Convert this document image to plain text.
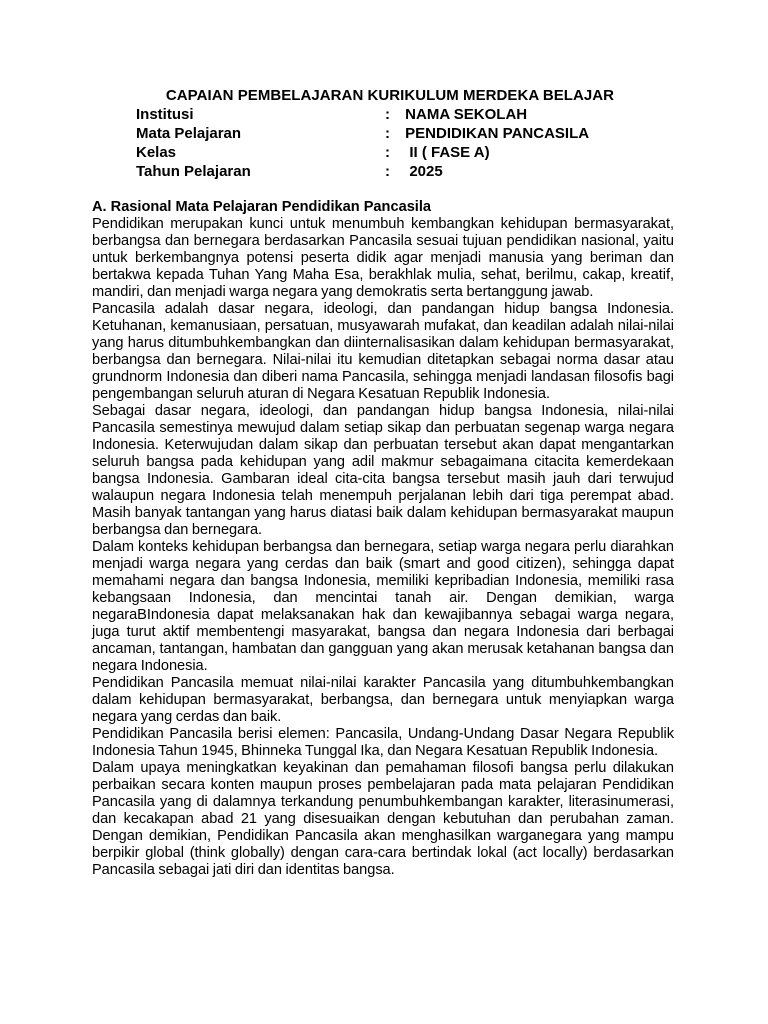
CAPAIAN PEMBELAJARAN KURIKULUM MERDEKA BELAJAR
Institusi	: NAMA SEKOLAH
Mata Pelajaran	: PENDIDIKAN PANCASILA
Kelas	: II ( FASE A)
Tahun Pelajaran	: 2025
A. Rasional Mata Pelajaran Pendidikan Pancasila

Pendidikan merupakan kunci untuk menumbuh kembangkan kehidupan bermasyarakat, berbangsa dan bernegara berdasarkan Pancasila sesuai tujuan pendidikan nasional, yaitu untuk berkembangnya potensi peserta didik agar menjadi manusia yang beriman dan bertakwa kepada Tuhan Yang Maha Esa, berakhlak mulia, sehat, berilmu, cakap, kreatif, mandiri, dan menjadi warga negara yang demokratis serta bertanggung jawab.

Pancasila adalah dasar negara, ideologi, dan pandangan hidup bangsa Indonesia. Ketuhanan, kemanusiaan, persatuan, musyawarah mufakat, dan keadilan adalah nilai-nilai yang harus ditumbuhkembangkan dan diinternalisasikan dalam kehidupan bermasyarakat, berbangsa dan bernegara. Nilai-nilai itu kemudian ditetapkan sebagai norma dasar atau grundnorm Indonesia dan diberi nama Pancasila, sehingga menjadi landasan filosofis bagi pengembangan seluruh aturan di Negara Kesatuan Republik Indonesia.

Sebagai dasar negara, ideologi, dan pandangan hidup bangsa Indonesia, nilai-nilai Pancasila semestinya mewujud dalam setiap sikap dan perbuatan segenap warga negara Indonesia. Keterwujudan dalam sikap dan perbuatan tersebut akan dapat mengantarkan seluruh bangsa pada kehidupan yang adil makmur sebagaimana citacita kemerdekaan bangsa Indonesia. Gambaran ideal cita-cita bangsa tersebut masih jauh dari terwujud walaupun negara Indonesia telah menempuh perjalanan lebih dari tiga perempat abad. Masih banyak tantangan yang harus diatasi baik dalam kehidupan bermasyarakat maupun berbangsa dan bernegara.

Dalam konteks kehidupan berbangsa dan bernegara, setiap warga negara perlu diarahkan menjadi warga negara yang cerdas dan baik (smart and good citizen), sehingga dapat memahami negara dan bangsa Indonesia, memiliki kepribadian Indonesia, memiliki rasa kebangsaan Indonesia, dan mencintai tanah air. Dengan demikian, warga negaraBIndonesia dapat melaksanakan hak dan kewajibannya sebagai warga negara, juga turut aktif membentengi masyarakat, bangsa dan negara Indonesia dari berbagai ancaman, tantangan, hambatan dan gangguan yang akan merusak ketahanan bangsa dan negara Indonesia.

Pendidikan Pancasila memuat nilai-nilai karakter Pancasila yang ditumbuhkembangkan dalam kehidupan bermasyarakat, berbangsa, dan bernegara untuk menyiapkan warga negara yang cerdas dan baik.

Pendidikan Pancasila berisi elemen: Pancasila, Undang-Undang Dasar Negara Republik Indonesia Tahun 1945, Bhinneka Tunggal Ika, dan Negara Kesatuan Republik Indonesia.

Dalam upaya meningkatkan keyakinan dan pemahaman filosofi bangsa perlu dilakukan perbaikan secara konten maupun proses pembelajaran pada mata pelajaran Pendidikan Pancasila yang di dalamnya terkandung penumbuhkembangan karakter, literasinumerasi, dan kecakapan abad 21 yang disesuaikan dengan kebutuhan dan perubahan zaman. Dengan demikian, Pendidikan Pancasila akan menghasilkan warganegara yang mampu berpikir global (think globally) dengan cara-cara bertindak lokal (act locally) berdasarkan Pancasila sebagai jati diri dan identitas bangsa.
